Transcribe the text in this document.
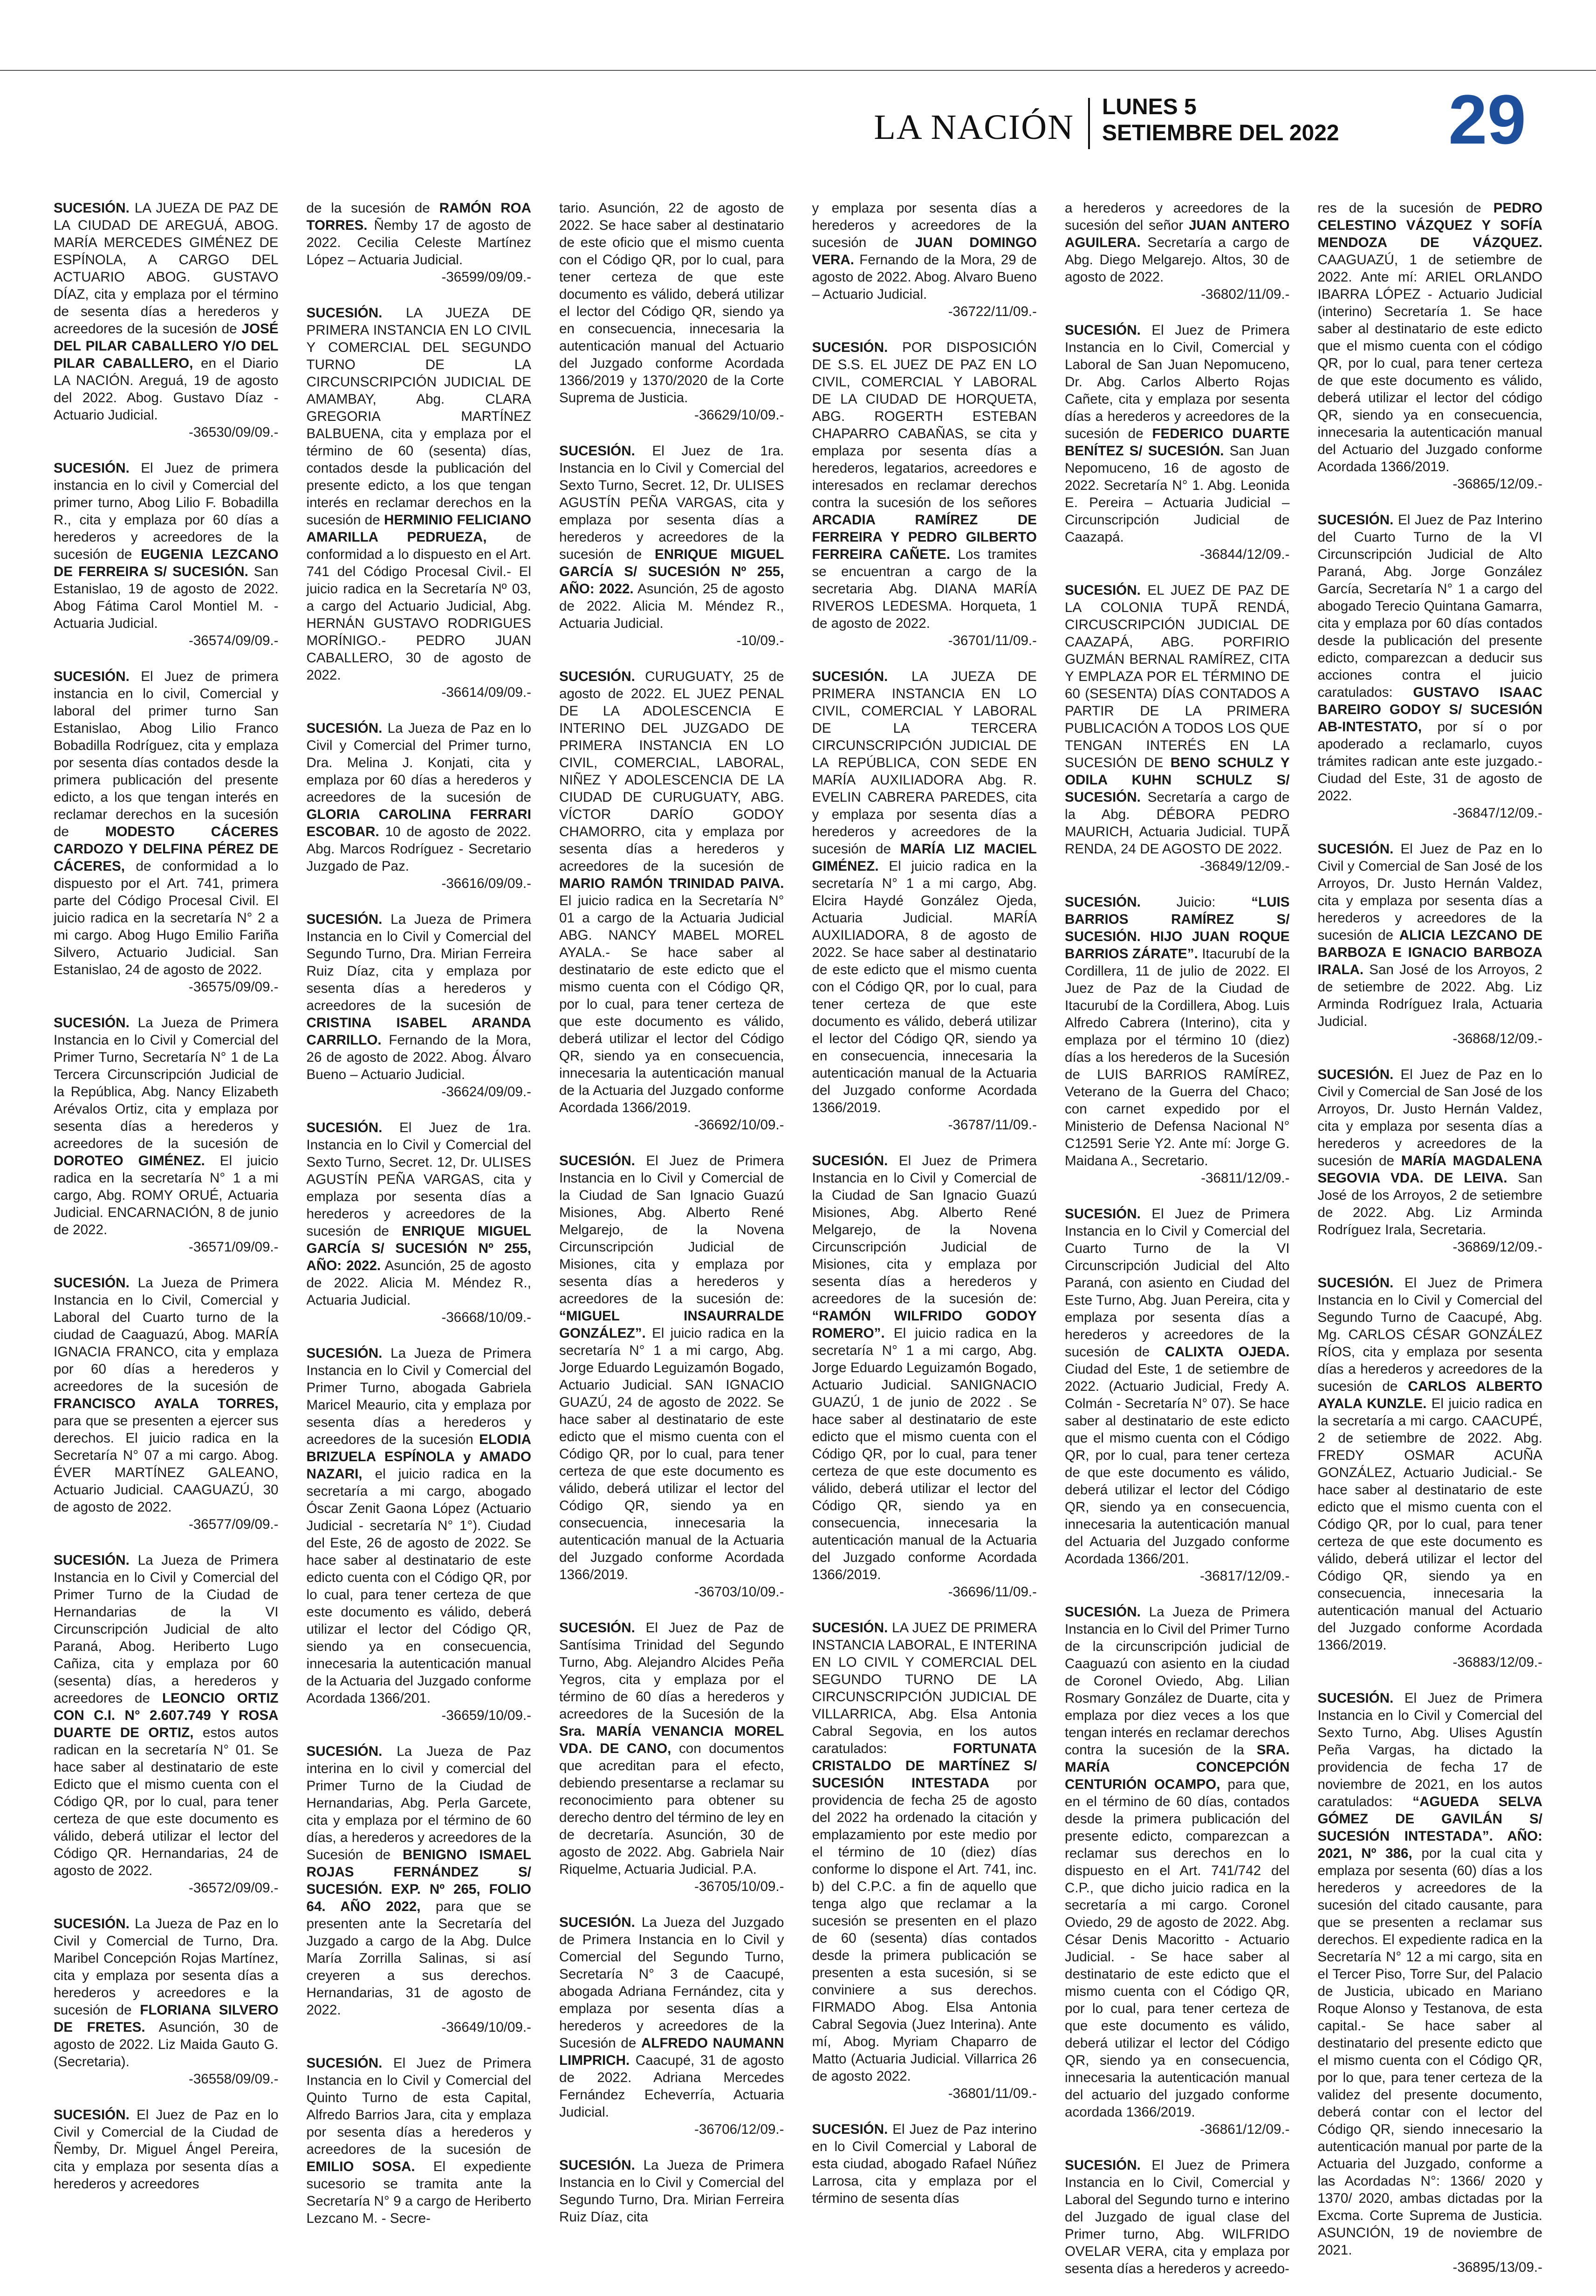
LA NACIÓN
LUNES 5
SETIEMBRE DEL 2022 29
SUCESIÓN. LA JUEZA DE PAZ DE LA CIUDAD DE AREGUÁ, ABOG. MARÍA MERCEDES GIMÉNEZ DE ESPÍNOLA, A CARGO DEL ACTUARIO ABOG. GUSTAVO DÍAZ, cita y emplaza por el término de sesenta días a herederos y acreedores de la sucesión de JOSÉ DEL PILAR CABALLERO Y/O DEL PILAR CABALLERO, en el Diario LA NACIÓN. Areguá, 19 de agosto del 2022. Abog. Gustavo Díaz - Actuario Judicial.
-36530/09/09.-
SUCESIÓN. El Juez de primera instancia en lo civil y Comercial del primer turno, Abog Lilio F. Bobadilla R., cita y emplaza por 60 días a herederos y acreedores de la sucesión de EUGENIA LEZCANO DE FERREIRA S/ SUCESIÓN. San Estanislao, 19 de agosto de 2022. Abog Fátima Carol Montiel M. - Actuaria Judicial.
-36574/09/09.-
SUCESIÓN. El Juez de primera instancia en lo civil, Comercial y laboral del primer turno San Estanislao, Abog Lilio Franco Bobadilla Rodríguez, cita y emplaza por sesenta días contados desde la primera publicación del presente edicto, a los que tengan interés en reclamar derechos en la sucesión de	MODESTO CÁCERES CARDOZO Y DELFINA PÉREZ DE CÁCERES, de conformidad a lo dispuesto por el Art. 741, primera parte del Código Procesal Civil. El juicio radica en la secretaría N° 2 a mi cargo. Abog Hugo Emilio Fariña Silvero, Actuario Judicial. San Estanislao, 24 de agosto de 2022.
-36575/09/09.-
SUCESIÓN. La Jueza de Primera Instancia en lo Civil y Comercial del Primer Turno, Secretaría N° 1 de La Tercera Circunscripción Judicial de la República, Abg. Nancy Elizabeth Arévalos Ortiz, cita y emplaza por sesenta días a herederos y acreedores de la sucesión de DOROTEO GIMÉNEZ. El juicio radica en la secretaría N° 1 a mi cargo, Abg. ROMY ORUÉ, Actuaria Judicial. ENCARNACIÓN, 8 de junio de 2022.
-36571/09/09.-
SUCESIÓN. La Jueza de Primera Instancia en lo Civil, Comercial y Laboral del Cuarto turno de la ciudad de Caaguazú, Abog. MARÍA IGNACIA FRANCO, cita y emplaza por 60 días a herederos y acreedores de la sucesión de FRANCISCO AYALA TORRES, para que se presenten a ejercer sus derechos. El juicio radica en la Secretaría N° 07 a mi cargo. Abog. ÉVER MARTÍNEZ GALEANO, Actuario Judicial. CAAGUAZÚ, 30 de agosto de 2022.
-36577/09/09.-
SUCESIÓN. La Jueza de Primera Instancia en lo Civil y Comercial del Primer Turno de la Ciudad de Hernandarias de la VI Circunscripción Judicial de alto Paraná, Abog. Heriberto Lugo Cañiza, cita y emplaza por 60 (sesenta) días, a herederos y acreedores de LEONCIO ORTIZ CON C.I. N° 2.607.749 Y ROSA DUARTE DE ORTIZ, estos autos radican en la secretaría N° 01. Se hace saber al destinatario de este Edicto que el mismo cuenta con el Código QR, por lo cual, para tener certeza de que este documento es válido, deberá utilizar el lector del Código QR. Hernandarias, 24 de agosto de 2022.
-36572/09/09.-
SUCESIÓN. La Jueza de Paz en lo Civil y Comercial de Turno, Dra. Maribel Concepción Rojas Martínez, cita y emplaza por sesenta días a herederos y acreedores e la sucesión de FLORIANA SILVERO DE FRETES. Asunción, 30 de agosto de 2022. Liz Maida Gauto G. (Secretaria).
-36558/09/09.-
SUCESIÓN. El Juez de Paz en lo Civil y Comercial de la Ciudad de Ñemby, Dr. Miguel Ángel Pereira, cita y emplaza por sesenta días a herederos y acreedores
de la sucesión de RAMÓN ROA TORRES. Ñemby 17 de agosto de 2022. Cecilia Celeste Martínez López – Actuaria Judicial.
-36599/09/09.-
SUCESIÓN. LA JUEZA DE PRIMERA INSTANCIA EN LO CIVIL Y COMERCIAL DEL SEGUNDO TURNO DE LA CIRCUNSCRIPCIÓN JUDICIAL DE AMAMBAY, Abg. CLARA GREGORIA MARTÍNEZ BALBUENA, cita y emplaza por el término de 60 (sesenta) días, contados desde la publicación del presente edicto, a los que tengan interés en reclamar derechos en la sucesión de HERMINIO FELICIANO AMARILLA PEDRUEZA, de conformidad a lo dispuesto en el Art. 741 del Código Procesal Civil.- El juicio radica en la Secretaría Nº 03, a cargo del Actuario Judicial, Abg. HERNÁN GUSTAVO RODRIGUES MORÍNIGO.- PEDRO JUAN CABALLERO, 30 de agosto de 2022.
-36614/09/09.-
SUCESIÓN. La Jueza de Paz en lo Civil y Comercial del Primer turno, Dra. Melina J. Konjati, cita y emplaza por 60 días a herederos y acreedores de la sucesión de GLORIA CAROLINA FERRARI ESCOBAR. 10 de agosto de 2022. Abg. Marcos Rodríguez - Secretario Juzgado de Paz.
-36616/09/09.-
SUCESIÓN. La Jueza de Primera Instancia en lo Civil y Comercial del Segundo Turno, Dra. Mirian Ferreira Ruiz Díaz, cita y emplaza por sesenta días a herederos y acreedores de la sucesión de CRISTINA ISABEL ARANDA CARRILLO. Fernando de la Mora, 26 de agosto de 2022. Abog. Álvaro Bueno – Actuario Judicial.
-36624/09/09.-
SUCESIÓN. El Juez de 1ra. Instancia en lo Civil y Comercial del Sexto Turno, Secret. 12, Dr. ULISES AGUSTÍN PEÑA VARGAS, cita y emplaza por sesenta días a herederos y acreedores de la sucesión de ENRIQUE MIGUEL GARCÍA S/ SUCESIÓN Nº 255, AÑO: 2022. Asunción, 25 de agosto de 2022. Alicia M. Méndez R., Actuaria Judicial.
-36668/10/09.-
SUCESIÓN. La Jueza de Primera Instancia en lo Civil y Comercial del Primer Turno, abogada Gabriela Maricel Meaurio, cita y emplaza por sesenta días a herederos y acreedores de la sucesión ELODIA BRIZUELA ESPÍNOLA y AMADO NAZARI, el juicio radica en la secretaría a mi cargo, abogado Óscar Zenit Gaona López (Actuario Judicial - secretaría N° 1°). Ciudad del Este, 26 de agosto de 2022. Se hace saber al destinatario de este edicto cuenta con el Código QR, por lo cual, para tener certeza de que este documento es válido, deberá utilizar el lector del Código QR, siendo ya en consecuencia, innecesaria la autenticación manual de la Actuaria del Juzgado conforme Acordada 1366/201.
-36659/10/09.-
SUCESIÓN. La Jueza de Paz interina en lo civil y comercial del Primer Turno de la Ciudad de Hernandarias, Abg. Perla Garcete, cita y emplaza por el término de 60 días, a herederos y acreedores de la Sucesión de BENIGNO ISMAEL ROJAS FERNÁNDEZ S/ SUCESIÓN. EXP. Nº 265, FOLIO 64. AÑO 2022, para que se presenten ante la Secretaría del Juzgado a cargo de la Abg. Dulce María Zorrilla Salinas, si así creyeren a sus derechos. Hernandarias, 31 de agosto de 2022.
-36649/10/09.-
SUCESIÓN. El Juez de Primera Instancia en lo Civil y Comercial del Quinto Turno de esta Capital, Alfredo Barrios Jara, cita y emplaza por sesenta días a herederos y acreedores de la sucesión de EMILIO SOSA. El expediente sucesorio se tramita ante la Secretaría N° 9 a cargo de Heriberto Lezcano M. - Secre-
tario. Asunción, 22 de agosto de 2022. Se hace saber al destinatario de este oficio que el mismo cuenta con el Código QR, por lo cual, para tener certeza de que este documento es válido, deberá utilizar el lector del Código QR, siendo ya en consecuencia, innecesaria la autenticación manual del Actuario del Juzgado conforme Acordada 1366/2019 y 1370/2020 de la Corte Suprema de Justicia.
-36629/10/09.-
SUCESIÓN. El Juez de 1ra. Instancia en lo Civil y Comercial del Sexto Turno, Secret. 12, Dr. ULISES AGUSTÍN PEÑA VARGAS, cita y emplaza por sesenta días a herederos y acreedores de la sucesión de ENRIQUE MIGUEL GARCÍA S/ SUCESIÓN Nº 255, AÑO: 2022. Asunción, 25 de agosto de 2022. Alicia M. Méndez R., Actuaria Judicial.
-10/09.-
SUCESIÓN. CURUGUATY, 25 de agosto de 2022. EL JUEZ PENAL DE LA ADOLESCENCIA E INTERINO DEL JUZGADO DE PRIMERA INSTANCIA EN LO CIVIL, COMERCIAL, LABORAL, NIÑEZ Y ADOLESCENCIA DE LA CIUDAD DE CURUGUATY, ABG. VÍCTOR DARÍO GODOY CHAMORRO, cita y emplaza por sesenta días a herederos y acreedores de la sucesión de MARIO RAMÓN TRINIDAD PAIVA. El juicio radica en la Secretaría N° 01 a cargo de la Actuaria Judicial ABG. NANCY MABEL MOREL AYALA.- Se hace saber al destinatario de este edicto que el mismo cuenta con el Código QR, por lo cual, para tener certeza de que este documento es válido, deberá utilizar el lector del Código QR, siendo ya en consecuencia, innecesaria la autenticación manual de la Actuaria del Juzgado conforme Acordada 1366/2019.
-36692/10/09.-
SUCESIÓN. El Juez de Primera Instancia en lo Civil y Comercial de la Ciudad de San Ignacio Guazú Misiones, Abg. Alberto René Melgarejo, de la Novena Circunscripción Judicial de Misiones, cita y emplaza por sesenta días a herederos y acreedores de la sucesión de: “MIGUEL INSAURRALDE GONZÁLEZ”. El juicio radica en la secretaría N° 1 a mi cargo, Abg. Jorge Eduardo Leguizamón Bogado, Actuario Judicial. SAN IGNACIO GUAZÚ, 24 de agosto de 2022. Se hace saber al destinatario de este edicto que el mismo cuenta con el Código QR, por lo cual, para tener certeza de que este documento es válido, deberá utilizar el lector del Código QR, siendo ya en consecuencia, innecesaria la autenticación manual de la Actuaria del Juzgado conforme Acordada 1366/2019.
-36703/10/09.-
SUCESIÓN. El Juez de Paz de Santísima Trinidad del Segundo Turno, Abg. Alejandro Alcides Peña Yegros, cita y emplaza por el término de 60 días a herederos y acreedores de la Sucesión de la Sra. MARÍA VENANCIA MOREL VDA. DE CANO, con documentos que acreditan para el efecto, debiendo presentarse a reclamar su reconocimiento para obtener su derecho dentro del término de ley en de decretaría. Asunción, 30 de agosto de 2022. Abg. Gabriela Nair Riquelme, Actuaria Judicial. P.A.
-36705/10/09.-
SUCESIÓN. La Jueza del Juzgado de Primera Instancia en lo Civil y Comercial del Segundo Turno, Secretaría N° 3 de Caacupé, abogada Adriana Fernández, cita y emplaza por sesenta días a herederos y acreedores de la Sucesión de ALFREDO NAUMANN LIMPRICH. Caacupé, 31 de agosto de 2022. Adriana Mercedes Fernández Echeverría, Actuaria Judicial.
-36706/12/09.-
SUCESIÓN. La Jueza de Primera Instancia en lo Civil y Comercial del Segundo Turno, Dra. Mirian Ferreira Ruiz Díaz, cita
y emplaza por sesenta días a herederos y acreedores de la sucesión de JUAN DOMINGO VERA. Fernando de la Mora, 29 de agosto de 2022. Abog. Alvaro Bueno – Actuario Judicial.
-36722/11/09.-
SUCESIÓN. POR DISPOSICIÓN DE S.S. EL JUEZ DE PAZ EN LO CIVIL, COMERCIAL Y LABORAL DE LA CIUDAD DE HORQUETA, ABG. ROGERTH ESTEBAN CHAPARRO CABAÑAS, se cita y emplaza por sesenta días a herederos, legatarios, acreedores e interesados en reclamar derechos contra la sucesión de los señores ARCADIA RAMÍREZ DE FERREIRA Y PEDRO GILBERTO FERREIRA CAÑETE. Los tramites se encuentran a cargo de la secretaria Abg. DIANA MARÍA RIVEROS LEDESMA. Horqueta, 1 de agosto de 2022.
-36701/11/09.-
SUCESIÓN. LA JUEZA DE PRIMERA INSTANCIA EN LO CIVIL, COMERCIAL Y LABORAL DE LA TERCERA CIRCUNSCRIPCIÓN JUDICIAL DE LA REPÚBLICA, CON SEDE EN MARÍA AUXILIADORA Abg. R. EVELIN CABRERA PAREDES, cita y emplaza por sesenta días a herederos y acreedores de la sucesión de MARÍA LIZ MACIEL GIMÉNEZ. El juicio radica en la secretaría N° 1 a mi cargo, Abg. Elcira Haydé González Ojeda, Actuaria Judicial. MARÍA AUXILIADORA, 8 de agosto de 2022. Se hace saber al destinatario de este edicto que el mismo cuenta con el Código QR, por lo cual, para tener certeza de que este documento es válido, deberá utilizar el lector del Código QR, siendo ya en consecuencia, innecesaria la autenticación manual de la Actuaria del Juzgado conforme Acordada 1366/2019.
-36787/11/09.-
SUCESIÓN. El Juez de Primera Instancia en lo Civil y Comercial de la Ciudad de San Ignacio Guazú Misiones, Abg. Alberto René Melgarejo, de la Novena Circunscripción Judicial de Misiones, cita y emplaza por sesenta días a herederos y acreedores de la sucesión de: “RAMÓN WILFRIDO GODOY ROMERO”. El juicio radica en la secretaría N° 1 a mi cargo, Abg. Jorge Eduardo Leguizamón Bogado, Actuario Judicial. SANIGNACIO GUAZÚ, 1 de junio de 2022 . Se hace saber al destinatario de este edicto que el mismo cuenta con el Código QR, por lo cual, para tener certeza de que este documento es válido, deberá utilizar el lector del Código QR, siendo ya en consecuencia, innecesaria la autenticación manual de la Actuaria del Juzgado conforme Acordada 1366/2019.
-36696/11/09.-
SUCESIÓN. LA JUEZ DE PRIMERA INSTANCIA LABORAL, E INTERINA EN LO CIVIL Y COMERCIAL DEL SEGUNDO TURNO DE LA CIRCUNSCRIPCIÓN JUDICIAL DE VILLARRICA, Abg. Elsa Antonia Cabral Segovia, en los autos caratulados:	FORTUNATA CRISTALDO DE MARTÍNEZ S/ SUCESIÓN INTESTADA por providencia de fecha 25 de agosto del 2022 ha ordenado la citación y emplazamiento por este medio por el término de 10 (diez) días conforme lo dispone el Art. 741, inc. b) del C.P.C. a fin de aquello que tenga algo que reclamar a la sucesión se presenten en el plazo de 60 (sesenta) días contados desde la primera publicación se presenten a esta sucesión, si se conviniere a sus derechos. FIRMADO Abog. Elsa Antonia Cabral Segovia (Juez Interina). Ante mí, Abog. Myriam Chaparro de Matto (Actuaria Judicial. Villarrica 26 de agosto 2022.
-36801/11/09.-
SUCESIÓN. El Juez de Paz interino en lo Civil Comercial y Laboral de esta ciudad, abogado Rafael Núñez Larrosa, cita y emplaza por el término de sesenta días
a herederos y acreedores de la sucesión del señor JUAN ANTERO AGUILERA. Secretaría a cargo de Abg. Diego Melgarejo. Altos, 30 de agosto de 2022.
-36802/11/09.-
SUCESIÓN. El Juez de Primera Instancia en lo Civil, Comercial y Laboral de San Juan Nepomuceno, Dr. Abg. Carlos Alberto Rojas Cañete, cita y emplaza por sesenta días a herederos y acreedores de la sucesión de FEDERICO DUARTE BENÍTEZ S/ SUCESIÓN. San Juan Nepomuceno, 16 de agosto de 2022. Secretaría N° 1. Abg. Leonida E. Pereira – Actuaria Judicial – Circunscripción Judicial de Caazapá.
-36844/12/09.-
SUCESIÓN. EL JUEZ DE PAZ DE LA COLONIA TUPÃ RENDÁ, CIRCUSCRIPCIÓN JUDICIAL DE CAAZAPÁ, ABG. PORFIRIO GUZMÁN BERNAL RAMÍREZ, CITA Y EMPLAZA POR EL TÉRMINO DE 60 (SESENTA) DÍAS CONTADOS A PARTIR DE LA PRIMERA PUBLICACIÓN A TODOS LOS QUE TENGAN INTERÉS EN LA SUCESIÓN DE BENO SCHULZ Y ODILA KUHN SCHULZ S/ SUCESIÓN. Secretaría a cargo de la Abg. DÉBORA PEDRO MAURICH, Actuaria Judicial. TUPÃ RENDA, 24 DE AGOSTO DE 2022.
-36849/12/09.-
SUCESIÓN.	Juicio:	“LUIS BARRIOS RAMÍREZ S/ SUCESIÓN. HIJO JUAN ROQUE BARRIOS ZÁRATE”. Itacurubí de la Cordillera, 11 de julio de 2022. El Juez de Paz de la Ciudad de Itacurubí de la Cordillera, Abog. Luis Alfredo Cabrera (Interino), cita y emplaza por el término 10 (diez) días a los herederos de la Sucesión de LUIS BARRIOS RAMÍREZ, Veterano de la Guerra del Chaco; con carnet expedido por el Ministerio de Defensa Nacional N° C12591 Serie Y2. Ante mí: Jorge G. Maidana A., Secretario.
-36811/12/09.-
SUCESIÓN. El Juez de Primera Instancia en lo Civil y Comercial del Cuarto Turno de la VI Circunscripción Judicial del Alto Paraná, con asiento en Ciudad del Este Turno, Abg. Juan Pereira, cita y emplaza por sesenta días a herederos y acreedores de la sucesión de CALIXTA OJEDA. Ciudad del Este, 1 de setiembre de 2022. (Actuario Judicial, Fredy A. Colmán - Secretaría N° 07). Se hace saber al destinatario de este edicto que el mismo cuenta con el Código QR, por lo cual, para tener certeza de que este documento es válido, deberá utilizar el lector del Código QR, siendo ya en consecuencia, innecesaria la autenticación manual del Actuaria del Juzgado conforme Acordada 1366/201.
-36817/12/09.-
SUCESIÓN. La Jueza de Primera Instancia en lo Civil del Primer Turno de la circunscripción judicial de Caaguazú con asiento en la ciudad de Coronel Oviedo, Abg. Lilian Rosmary González de Duarte, cita y emplaza por diez veces a los que tengan interés en reclamar derechos contra la sucesión de la SRA. MARÍA CONCEPCIÓN CENTURIÓN OCAMPO, para que, en el término de 60 días, contados desde la primera publicación del presente edicto, comparezcan a reclamar sus derechos en lo dispuesto en el Art. 741/742 del C.P., que dicho juicio radica en la secretaría a mi cargo. Coronel Oviedo, 29 de agosto de 2022. Abg. César Denis Macoritto - Actuario Judicial. - Se hace saber al destinatario de este edicto que el mismo cuenta con el Código QR, por lo cual, para tener certeza de que este documento es válido, deberá utilizar el lector del Código QR, siendo ya en consecuencia, innecesaria la autenticación manual del actuario del juzgado conforme acordada 1366/2019.
-36861/12/09.-
SUCESIÓN. El Juez de Primera Instancia en lo Civil, Comercial y Laboral del Segundo turno e interino del Juzgado de igual clase del Primer turno, Abg. WILFRIDO OVELAR VERA, cita y emplaza por sesenta días a herederos y acreedo-
res de la sucesión de PEDRO CELESTINO VÁZQUEZ Y SOFÍA MENDOZA DE VÁZQUEZ. CAAGUAZÚ, 1 de setiembre de 2022. Ante mí: ARIEL ORLANDO IBARRA LÓPEZ - Actuario Judicial (interino) Secretaría 1. Se hace saber al destinatario de este edicto que el mismo cuenta con el código QR, por lo cual, para tener certeza de que este documento es válido, deberá utilizar el lector del código QR, siendo ya en consecuencia, innecesaria la autenticación manual del Actuario del Juzgado conforme Acordada 1366/2019.
-36865/12/09.-
SUCESIÓN. El Juez de Paz Interino del Cuarto Turno de la VI Circunscripción Judicial de Alto Paraná, Abg. Jorge González García, Secretaría N° 1 a cargo del abogado Terecio Quintana Gamarra, cita y emplaza por 60 días contados desde la publicación del presente edicto, comparezcan a deducir sus acciones contra el juicio caratulados: GUSTAVO ISAAC BAREIRO GODOY S/ SUCESIÓN AB-INTESTATO, por sí o por apoderado a reclamarlo, cuyos trámites radican ante este juzgado.- Ciudad del Este, 31 de agosto de 2022.
-36847/12/09.-
SUCESIÓN. El Juez de Paz en lo Civil y Comercial de San José de los Arroyos, Dr. Justo Hernán Valdez, cita y emplaza por sesenta días a herederos y acreedores de la sucesión de ALICIA LEZCANO DE BARBOZA E IGNACIO BARBOZA IRALA. San José de los Arroyos, 2 de setiembre de 2022. Abg. Liz Arminda Rodríguez Irala, Actuaria Judicial.
-36868/12/09.-
SUCESIÓN. El Juez de Paz en lo Civil y Comercial de San José de los Arroyos, Dr. Justo Hernán Valdez, cita y emplaza por sesenta días a herederos y acreedores de la sucesión de MARÍA MAGDALENA SEGOVIA VDA. DE LEIVA. San José de los Arroyos, 2 de setiembre de 2022. Abg. Liz Arminda Rodríguez Irala, Secretaria.
-36869/12/09.-
SUCESIÓN. El Juez de Primera Instancia en lo Civil y Comercial del Segundo Turno de Caacupé, Abg. Mg. CARLOS CÉSAR GONZÁLEZ RÍOS, cita y emplaza por sesenta días a herederos y acreedores de la sucesión de CARLOS ALBERTO AYALA KUNZLE. El juicio radica en la secretaría a mi cargo. CAACUPÉ, 2 de setiembre de 2022. Abg. FREDY OSMAR ACUÑA GONZÁLEZ, Actuario Judicial.- Se hace saber al destinatario de este edicto que el mismo cuenta con el Código QR, por lo cual, para tener certeza de que este documento es válido, deberá utilizar el lector del Código QR, siendo ya en consecuencia, innecesaria la autenticación manual del Actuario del Juzgado conforme Acordada 1366/2019.
-36883/12/09.-
SUCESIÓN. El Juez de Primera Instancia en lo Civil y Comercial del Sexto Turno, Abg. Ulises Agustín Peña Vargas, ha dictado la providencia de fecha 17 de noviembre de 2021, en los autos caratulados: “AGUEDA SELVA GÓMEZ DE GAVILÁN S/ SUCESIÓN INTESTADA”. AÑO: 2021, Nº 386, por la cual cita y emplaza por sesenta (60) días a los herederos y acreedores de la sucesión del citado causante, para que se presenten a reclamar sus derechos. El expediente radica en la Secretaría N° 12 a mi cargo, sita en el Tercer Piso, Torre Sur, del Palacio de Justicia, ubicado en Mariano Roque Alonso y Testanova, de esta capital.- Se hace saber al destinatario del presente edicto que el mismo cuenta con el Código QR, por lo que, para tener certeza de la validez del presente documento, deberá contar con el lector del Código QR, siendo innecesario la autenticación manual por parte de la Actuaria del Juzgado, conforme a las Acordadas N°: 1366/ 2020 y 1370/ 2020, ambas dictadas por la Excma. Corte Suprema de Justicia. ASUNCIÓN, 19 de noviembre de 2021.
-36895/13/09.-
